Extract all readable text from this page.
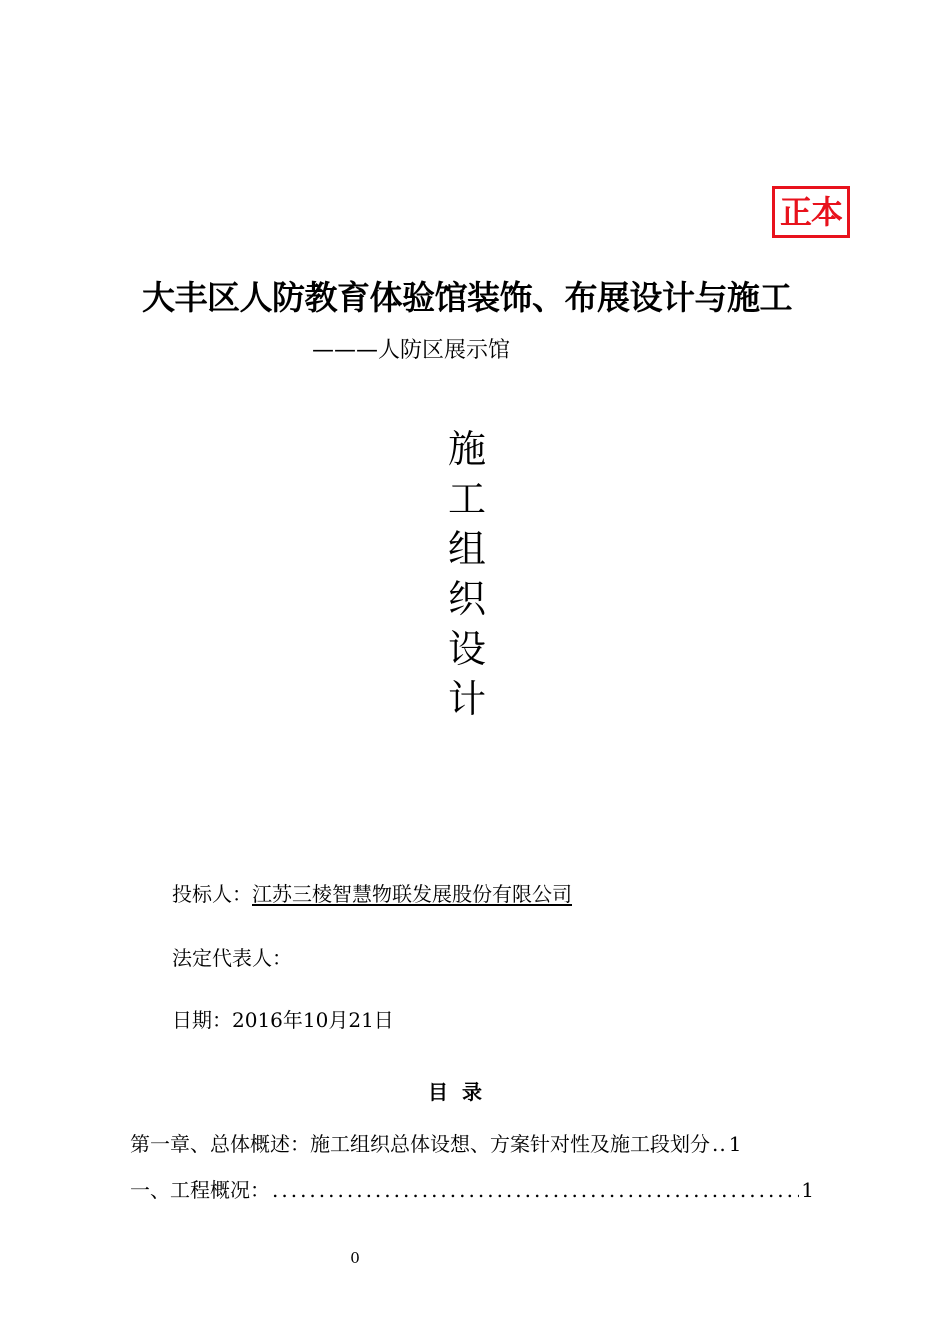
正本
大丰区人防教育体验馆装饰、布展设计与施工
———人防区展示馆
施
工
组
织
设
计
投标人：江苏三棱智慧物联发展股份有限公司
法定代表人：
日期：2016年10月21日
目 录
第一章、总体概述：施工组织总体设想、方案针对性及施工段划分 .. 1
一、工程概况： .....	1
0
